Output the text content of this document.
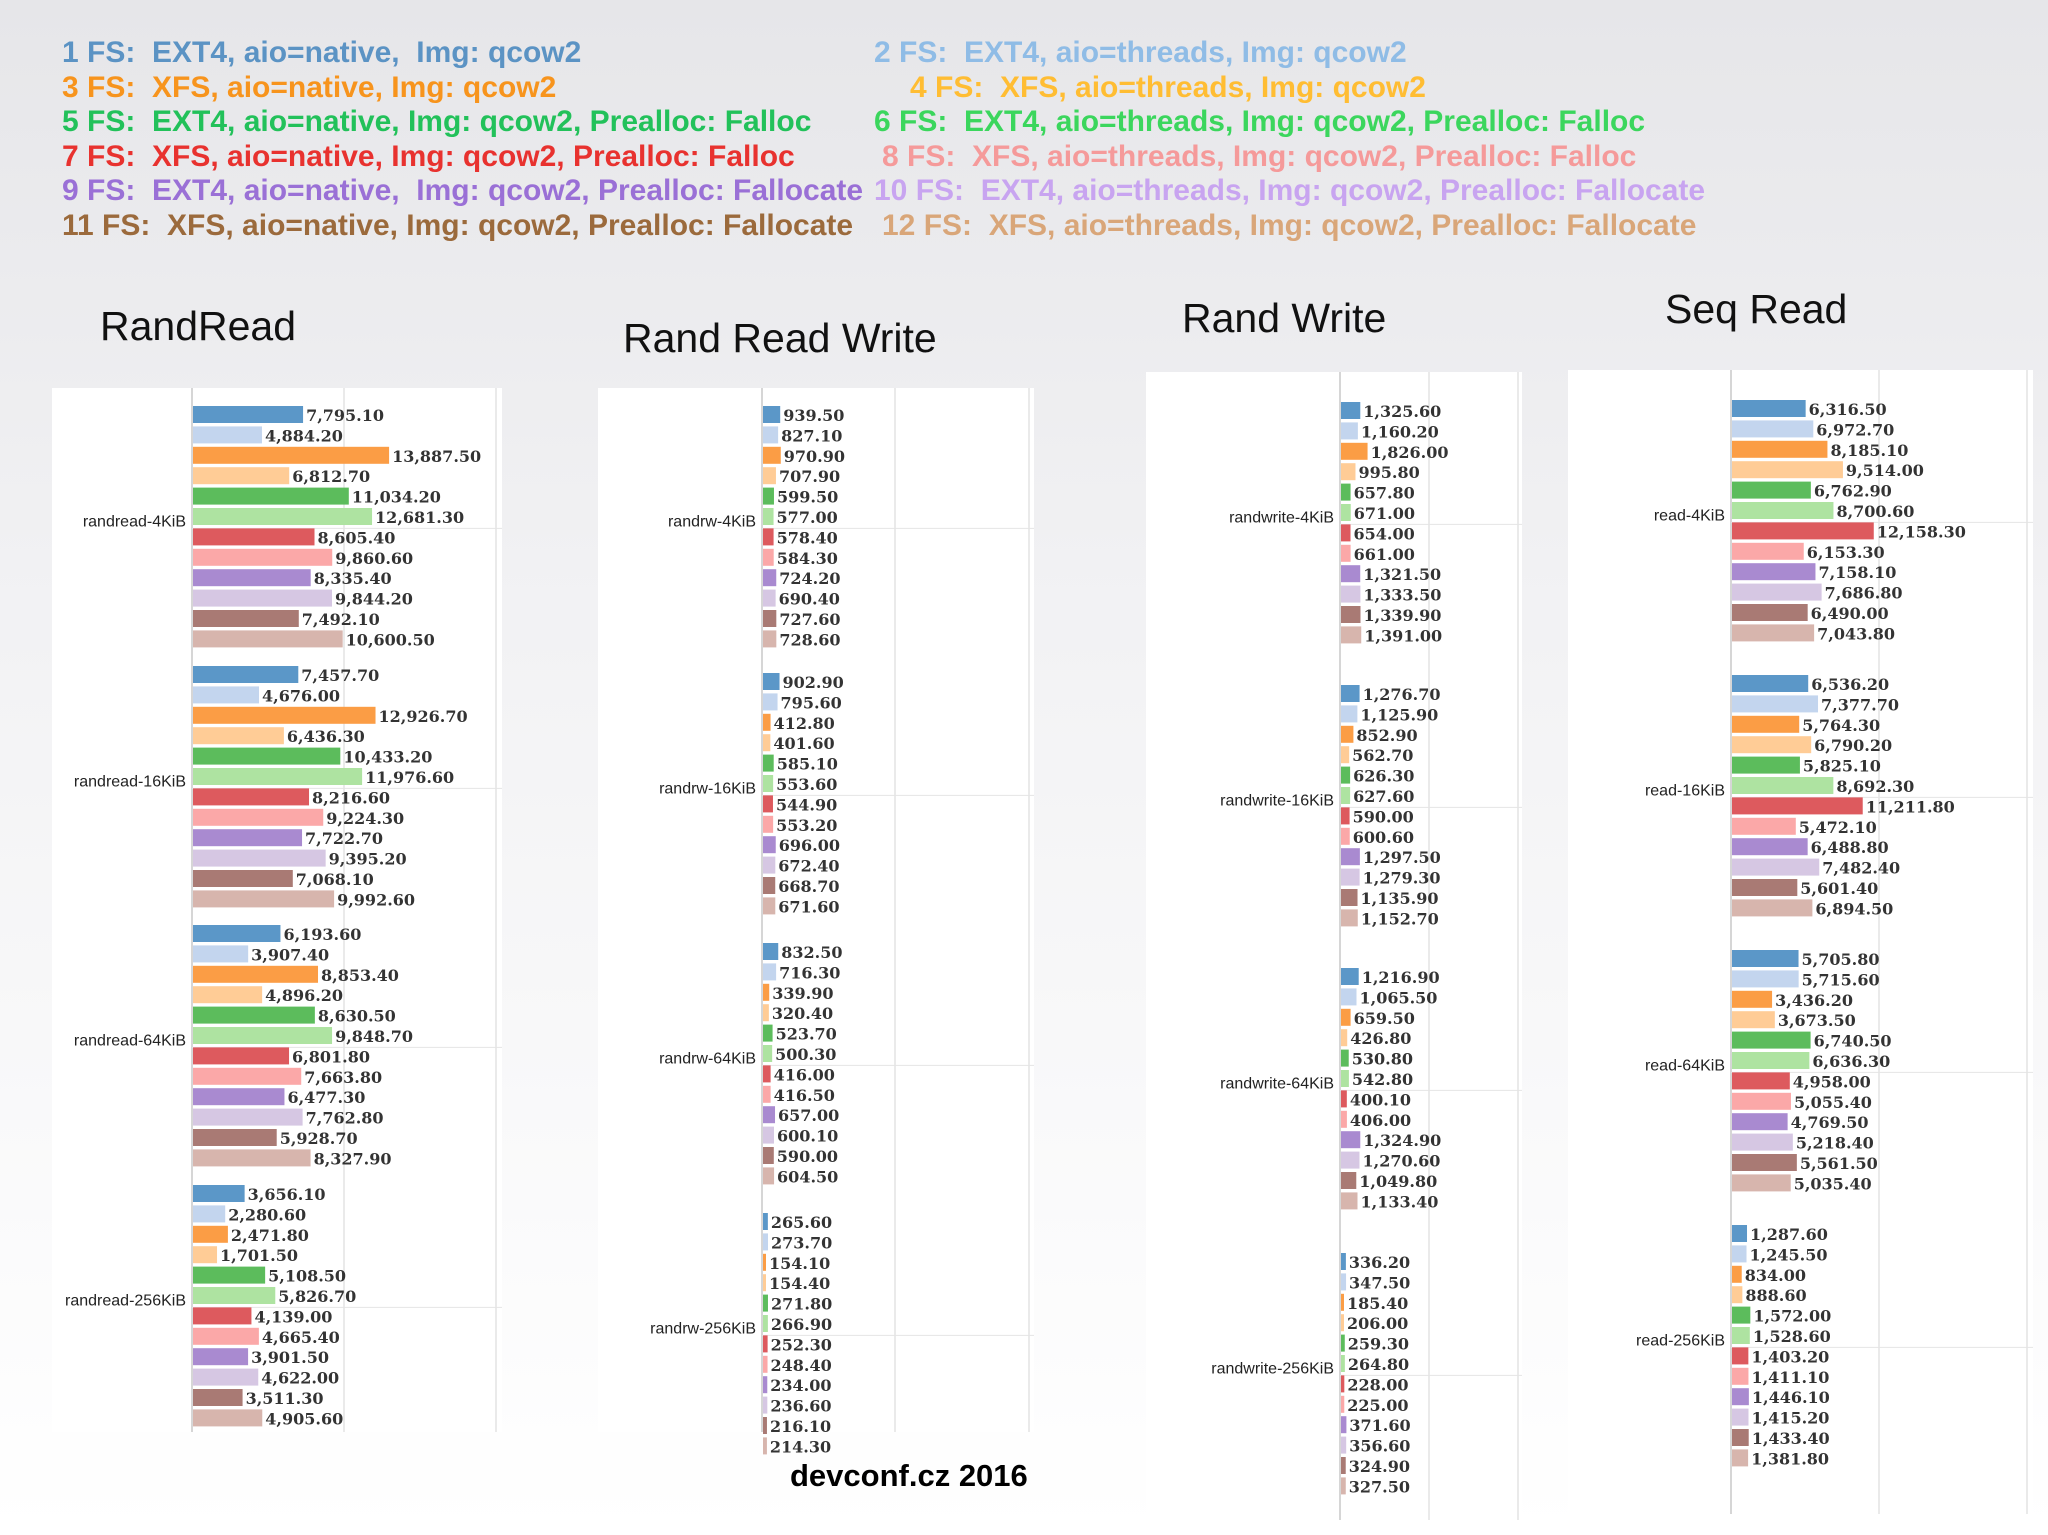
1 FS:  EXT4, aio=native,  Img: qcow2	2 FS:  EXT4, aio=threads, Img: qcow2
3 FS:  XFS, aio=native, Img: qcow2	4 FS:  XFS, aio=threads, Img: qcow2
5 FS:  EXT4, aio=native, Img: qcow2, Prealloc: Falloc	6 FS:  EXT4, aio=threads, Img: qcow2, Prealloc: Falloc
7 FS:  XFS, aio=native, Img: qcow2, Prealloc: Falloc	8 FS:  XFS, aio=threads, Img: qcow2, Prealloc: Falloc
9 FS:  EXT4, aio=native,  Img: qcow2, Prealloc: Fallocate 10 FS:  EXT4, aio=threads, Img: qcow2, Prealloc: Fallocate
11 FS:  XFS, aio=native, Img: qcow2, Prealloc: Fallocate 12 FS:  XFS, aio=threads, Img: qcow2, Prealloc: Fallocate
RandRead	Rand Read Write	Rand Write	Seq Read
randread-4KiB
7,795.10
4,884.20
13,887.50
6,812.70
11,034.20
12,681.30
8,605.40
9,860.60
8,335.40
9,844.20
7,492.10
10,600.50
randread-16KiB
7,457.70
4,676.00
12,926.70
6,436.30
10,433.20
11,976.60
8,216.60
9,224.30
7,722.70
9,395.20
7,068.10
9,992.60
randread-64KiB
6,193.60
3,907.40
8,853.40
4,896.20
8,630.50
9,848.70
6,801.80
7,663.80
6,477.30
7,762.80
5,928.70
8,327.90
randread-256KiB
3,656.10
2,280.60
2,471.80
1,701.50
5,108.50
5,826.70
4,139.00
4,665.40
3,901.50
4,622.00
3,511.30
4,905.60
randrw-4KiB
939.50
827.10
970.90
707.90
599.50
577.00
578.40
584.30
724.20
690.40
727.60
728.60
randrw-16KiB
902.90
795.60
412.80
401.60
585.10
553.60
544.90
553.20
696.00
672.40
668.70
671.60
randrw-64KiB
832.50
716.30
339.90
320.40
523.70
500.30
416.00
416.50
657.00
600.10
590.00
604.50
randrw-256KiB
265.60
273.70
154.10
154.40
271.80
266.90
252.30
248.40
234.00
236.60
216.10
214.30
randwrite-4KiB
1,325.60
1,160.20
1,826.00
995.80
657.80
671.00
654.00
661.00
1,321.50
1,333.50
1,339.90
1,391.00
randwrite-16KiB
1,276.70
1,125.90
852.90
562.70
626.30
627.60
590.00
600.60
1,297.50
1,279.30
1,135.90
1,152.70
randwrite-64KiB
1,216.90
1,065.50
659.50
426.80
530.80
542.80
400.10
406.00
1,324.90
1,270.60
1,049.80
1,133.40
randwrite-256KiB
336.20
347.50
185.40
206.00
259.30
264.80
228.00
225.00
371.60
356.60
324.90
327.50
read-4KiB
6,316.50
6,972.70
8,185.10
9,514.00
6,762.90
8,700.60
12,158.30
6,153.30
7,158.10
7,686.80
6,490.00
7,043.80
read-16KiB
6,536.20
7,377.70
5,764.30
6,790.20
5,825.10
8,692.30
11,211.80
5,472.10
6,488.80
7,482.40
5,601.40
6,894.50
read-64KiB
5,705.80
5,715.60
3,436.20
3,673.50
6,740.50
6,636.30
4,958.00
5,055.40
4,769.50
5,218.40
5,561.50
5,035.40
read-256KiB
1,287.60
1,245.50
834.00
888.60
1,572.00
1,528.60
1,403.20
1,411.10
1,446.10
1,415.20
1,433.40
1,381.80
devconf.cz 2016
